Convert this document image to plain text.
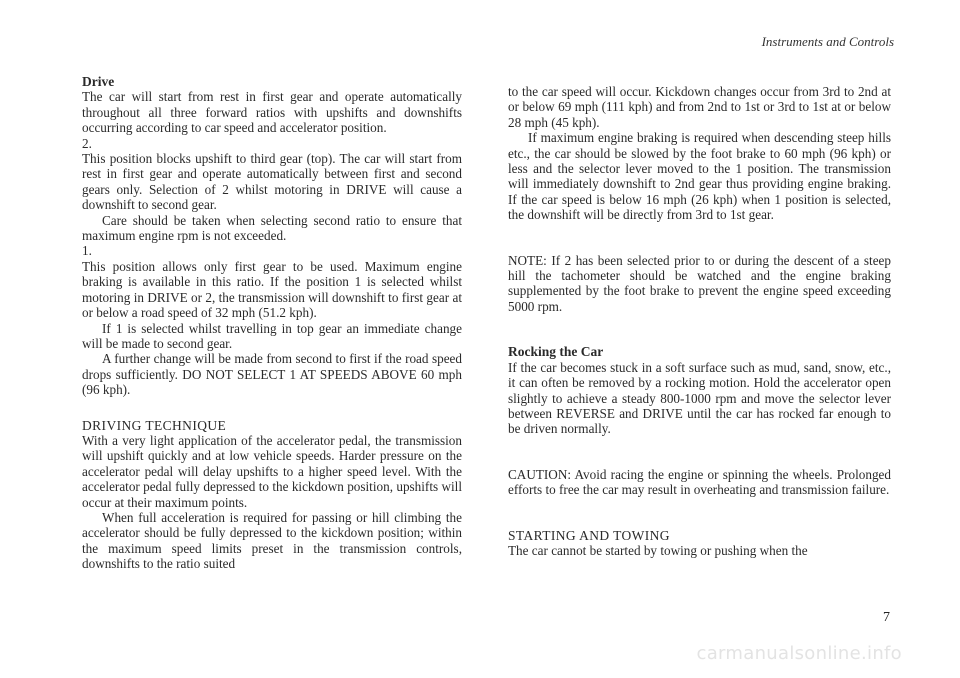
Instruments and Controls

Drive

The car will start from rest in first gear and operate automatically throughout all three forward ratios with upshifts and downshifts occurring according to car speed and accelerator position.

2.

This position blocks upshift to third gear (top). The car will start from rest in first gear and operate automatically between first and second gears only. Selection of 2 whilst motoring in DRIVE will cause a downshift to second gear.

Care should be taken when selecting second ratio to ensure that maximum engine rpm is not exceeded.

1.

This position allows only first gear to be used. Maximum engine braking is available in this ratio. If the position 1 is selected whilst motoring in DRIVE or 2, the transmission will downshift to first gear at or below a road speed of 32 mph (51.2 kph).

If 1 is selected whilst travelling in top gear an immediate change will be made to second gear.

A further change will be made from second to first if the road speed drops sufficiently. DO NOT SELECT 1 AT SPEEDS ABOVE 60 mph (96 kph).

DRIVING TECHNIQUE

With a very light application of the accelerator pedal, the transmission will upshift quickly and at low vehicle speeds. Harder pressure on the accelerator pedal will delay upshifts to a higher speed level. With the accelerator pedal fully depressed to the kickdown position, upshifts will occur at their maximum points.

When full acceleration is required for passing or hill climbing the accelerator should be fully depressed to the kickdown position; within the maximum speed limits preset in the transmission controls, downshifts to the ratio suited

to the car speed will occur. Kickdown changes occur from 3rd to 2nd at or below 69 mph (111 kph) and from 2nd to 1st or 3rd to 1st at or below 28 mph (45 kph).

If maximum engine braking is required when descending steep hills etc., the car should be slowed by the foot brake to 60 mph (96 kph) or less and the selector lever moved to the 1 position. The transmission will immediately downshift to 2nd gear thus providing engine braking. If the car speed is below 16 mph (26 kph) when 1 position is selected, the downshift will be directly from 3rd to 1st gear.

NOTE: If 2 has been selected prior to or during the descent of a steep hill the tachometer should be watched and the engine braking supplemented by the foot brake to prevent the engine speed exceeding 5000 rpm.

Rocking the Car

If the car becomes stuck in a soft surface such as mud, sand, snow, etc., it can often be removed by a rocking motion. Hold the accelerator open slightly to achieve a steady 800-1000 rpm and move the selector lever between REVERSE and DRIVE until the car has rocked far enough to be driven normally.

CAUTION: Avoid racing the engine or spinning the wheels. Prolonged efforts to free the car may result in overheating and transmission failure.

STARTING AND TOWING

The car cannot be started by towing or pushing when the

7
carmanualsonline.info
